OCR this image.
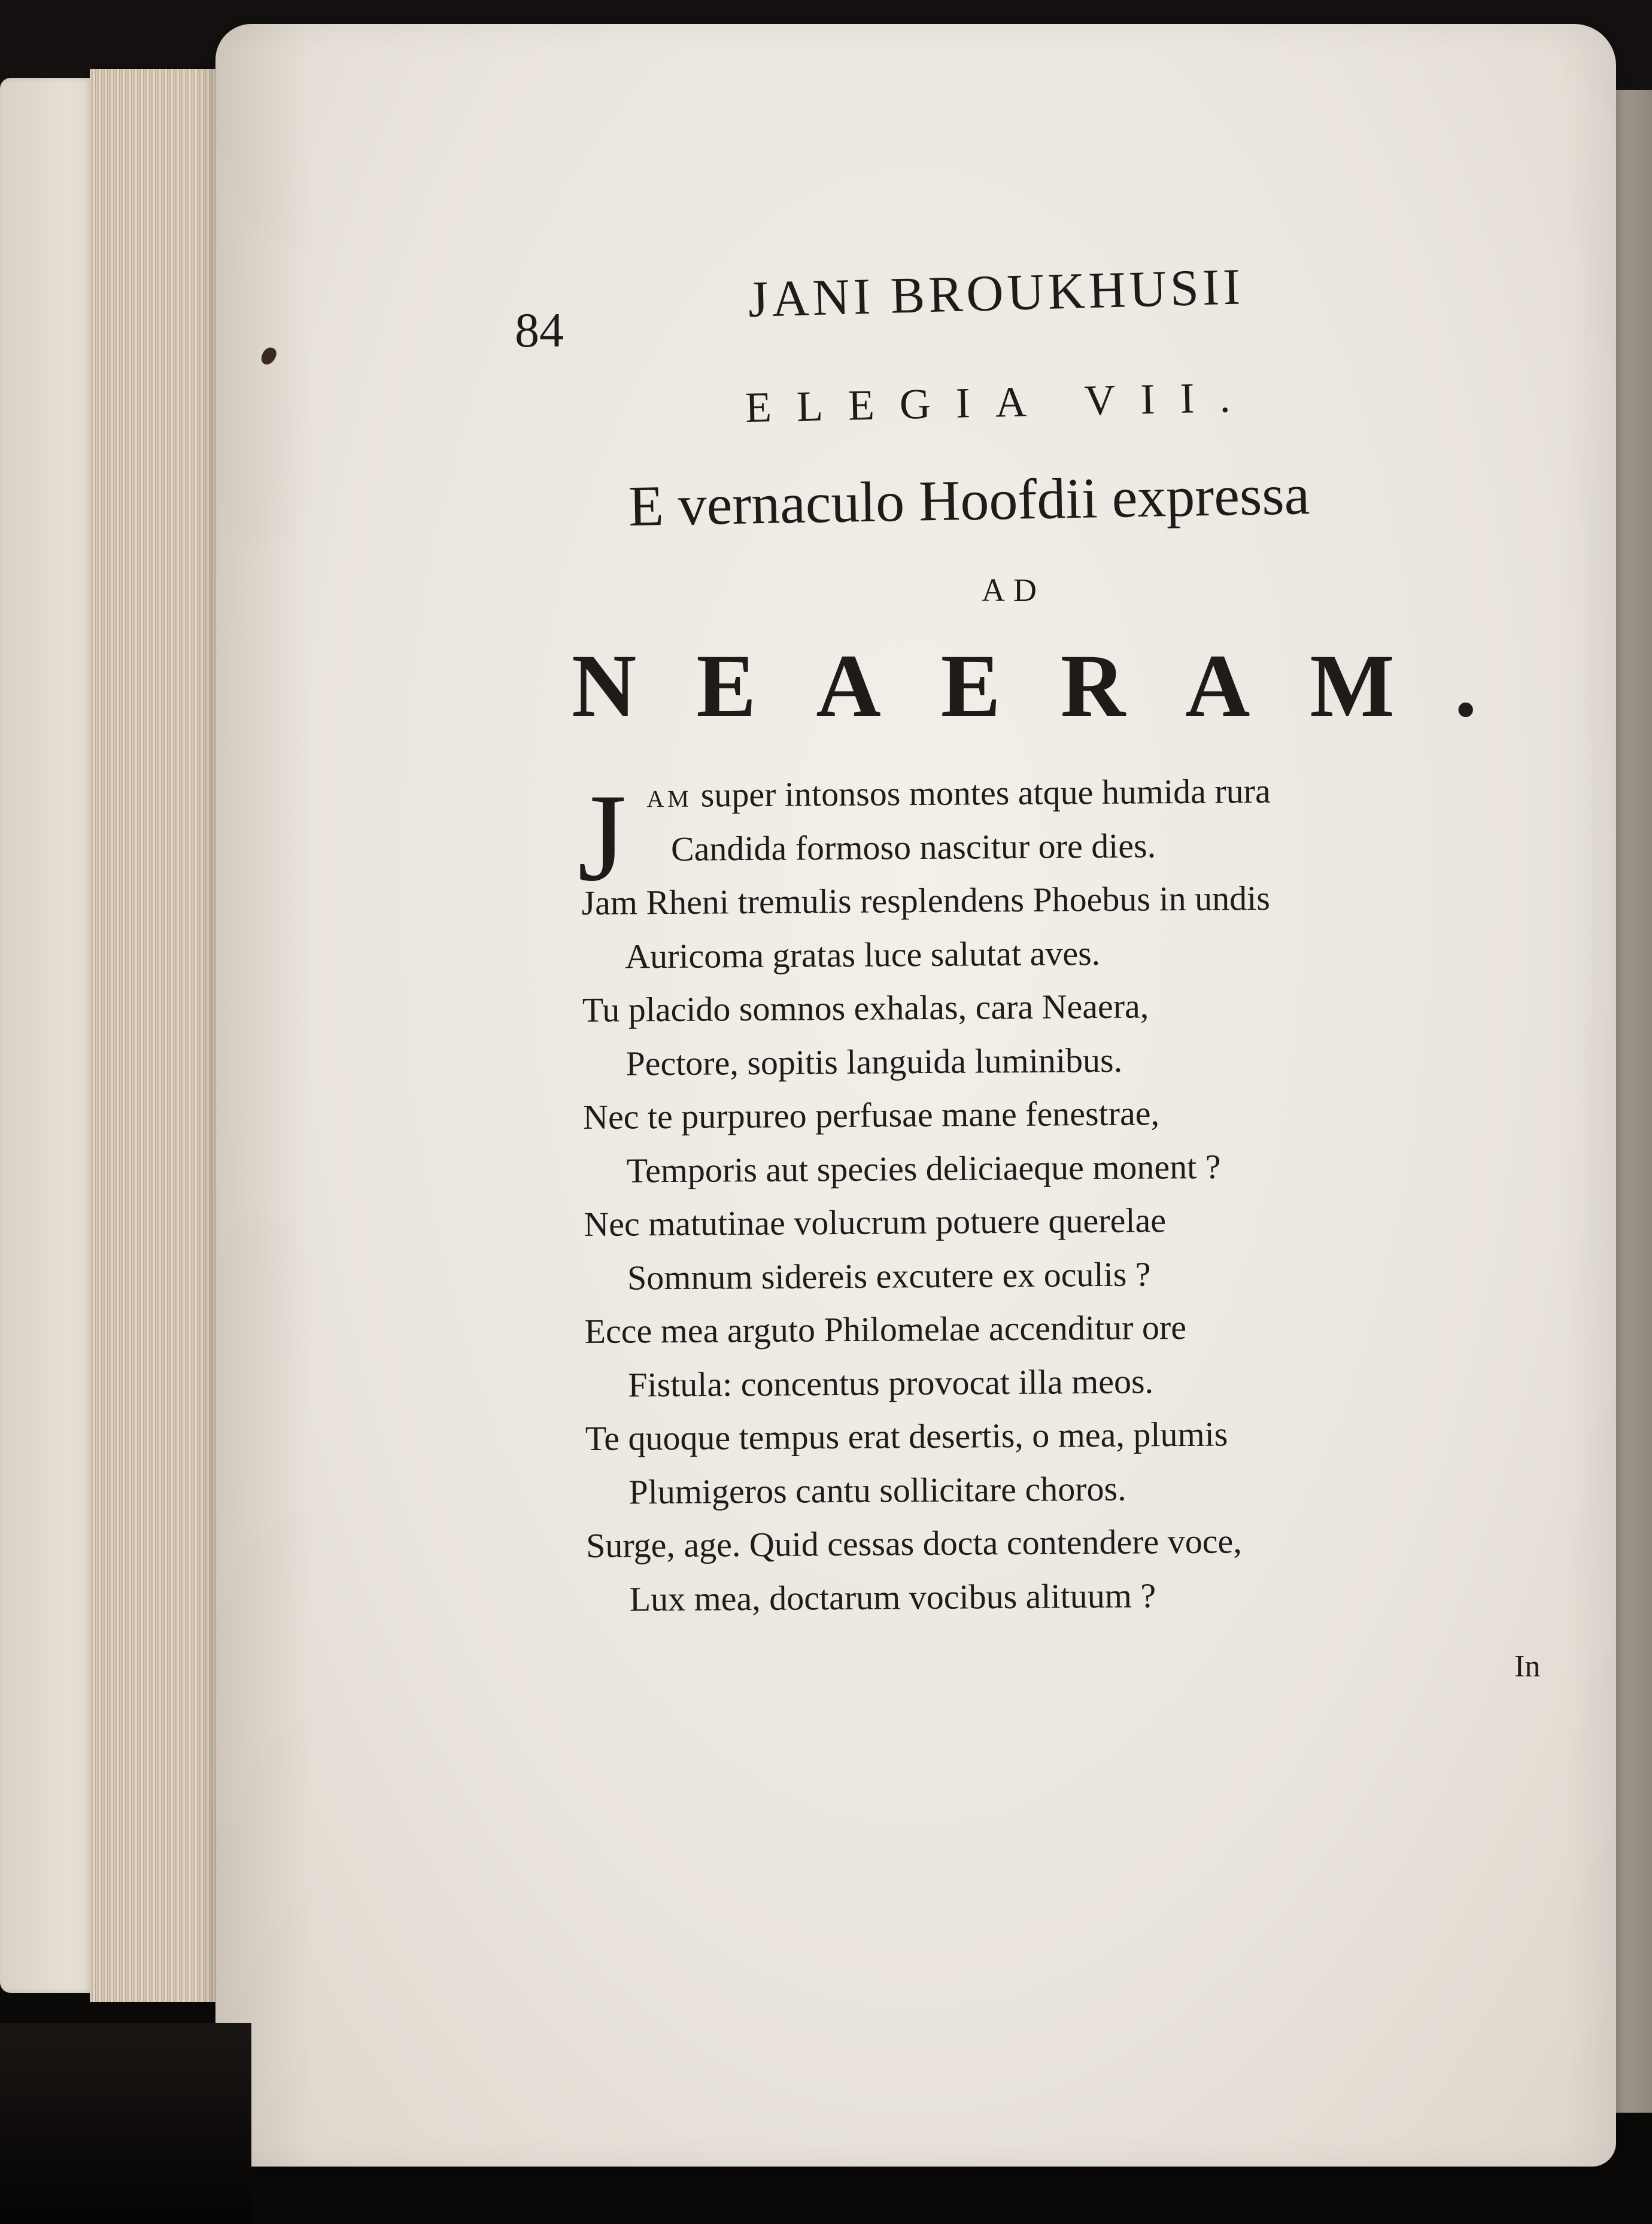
84
JANI BROUKHUSII
ELEGIA VII.
E vernaculo Hoofdii expressa
AD
NEAERAM.
J AM super intonsos montes atque humida rura
Candida formoso nascitur ore dies.
Jam Rheni tremulis resplendens Phoebus in undis
Auricoma gratas luce salutat aves.
Tu placido somnos exhalas, cara Neaera,
Pectore, sopitis languida luminibus.
Nec te purpureo perfusae mane fenestrae,
Temporis aut species deliciaeque monent ?
Nec matutinae volucrum potuere querelae
Somnum sidereis excutere ex oculis ?
Ecce mea arguto Philomelae accenditur ore
Fistula: concentus provocat illa meos.
Te quoque tempus erat desertis, o mea, plumis
Plumigeros cantu sollicitare choros.
Surge, age. Quid cessas docta contendere voce,
Lux mea, doctarum vocibus alituum ?
In
